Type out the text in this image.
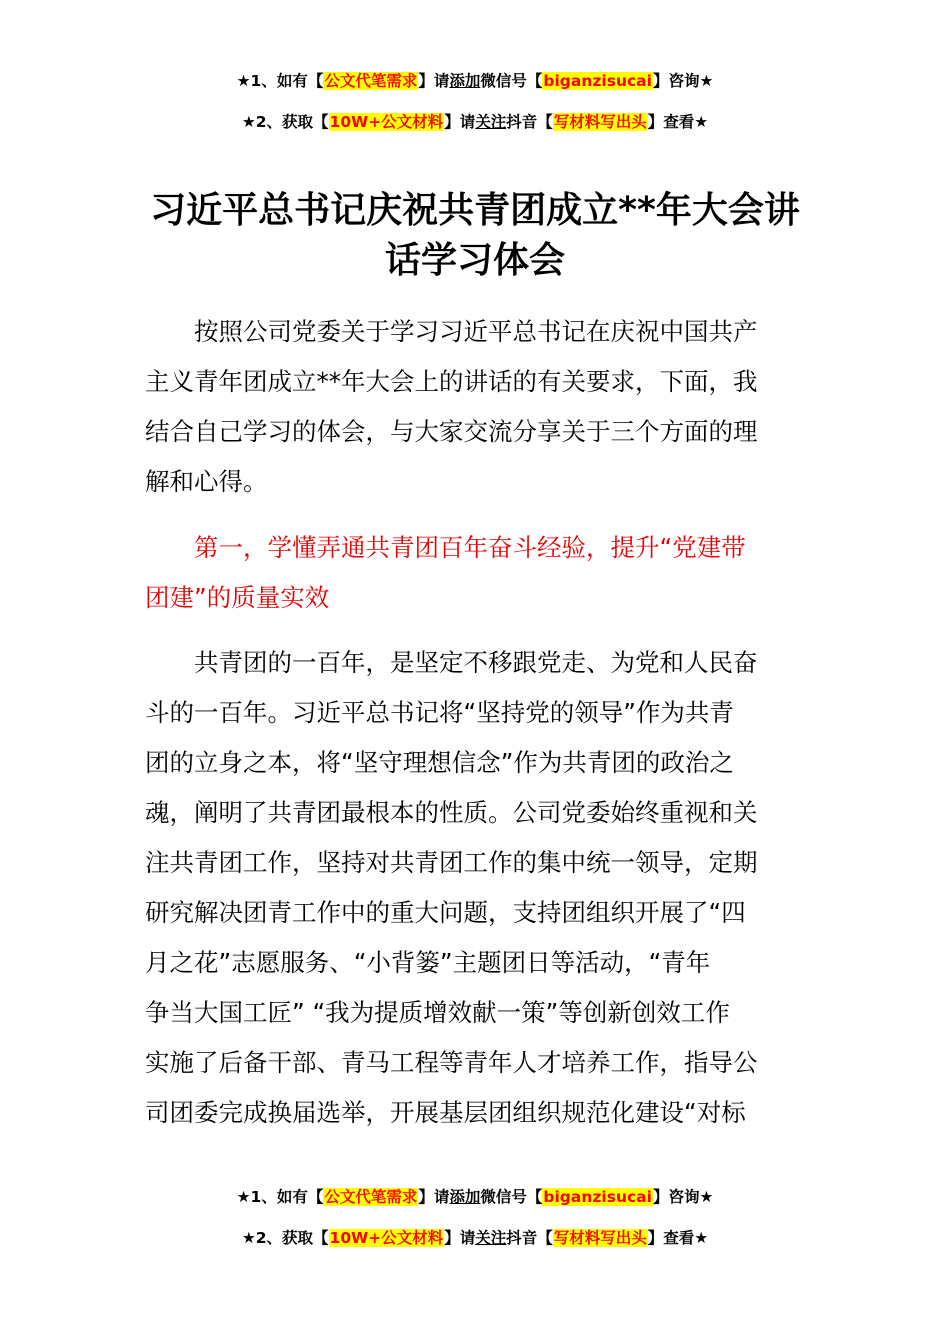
★1、如有【公文代笔需求】请添加微信号【biganzisucai】咨询★
★2、获取【10W+公文材料】请关注抖音【写材料写出头】查看★
习近平总书记庆祝共青团成立**年大会讲
话学习体会
　　按照公司党委关于学习习近平总书记在庆祝中国共产
主义青年团成立**年大会上的讲话的有关要求，下面，我
结合自己学习的体会，与大家交流分享关于三个方面的理
解和心得。
　　第一，学懂弄通共青团百年奋斗经验，提升“党建带
团建”的质量实效
　　共青团的一百年，是坚定不移跟党走、为党和人民奋
斗的一百年。习近平总书记将“坚持党的领导”作为共青
团的立身之本，将“坚守理想信念”作为共青团的政治之
魂，阐明了共青团最根本的性质。公司党委始终重视和关
注共青团工作，坚持对共青团工作的集中统一领导，定期
研究解决团青工作中的重大问题，支持团组织开展了“四
月之花”志愿服务、“小背篓”主题团日等活动，“青年
争当大国工匠” “我为提质增效献一策”等创新创效工作
实施了后备干部、青马工程等青年人才培养工作，指导公
司团委完成换届选举，开展基层团组织规范化建设“对标
★1、如有【公文代笔需求】请添加微信号【biganzisucai】咨询★
★2、获取【10W+公文材料】请关注抖音【写材料写出头】查看★
